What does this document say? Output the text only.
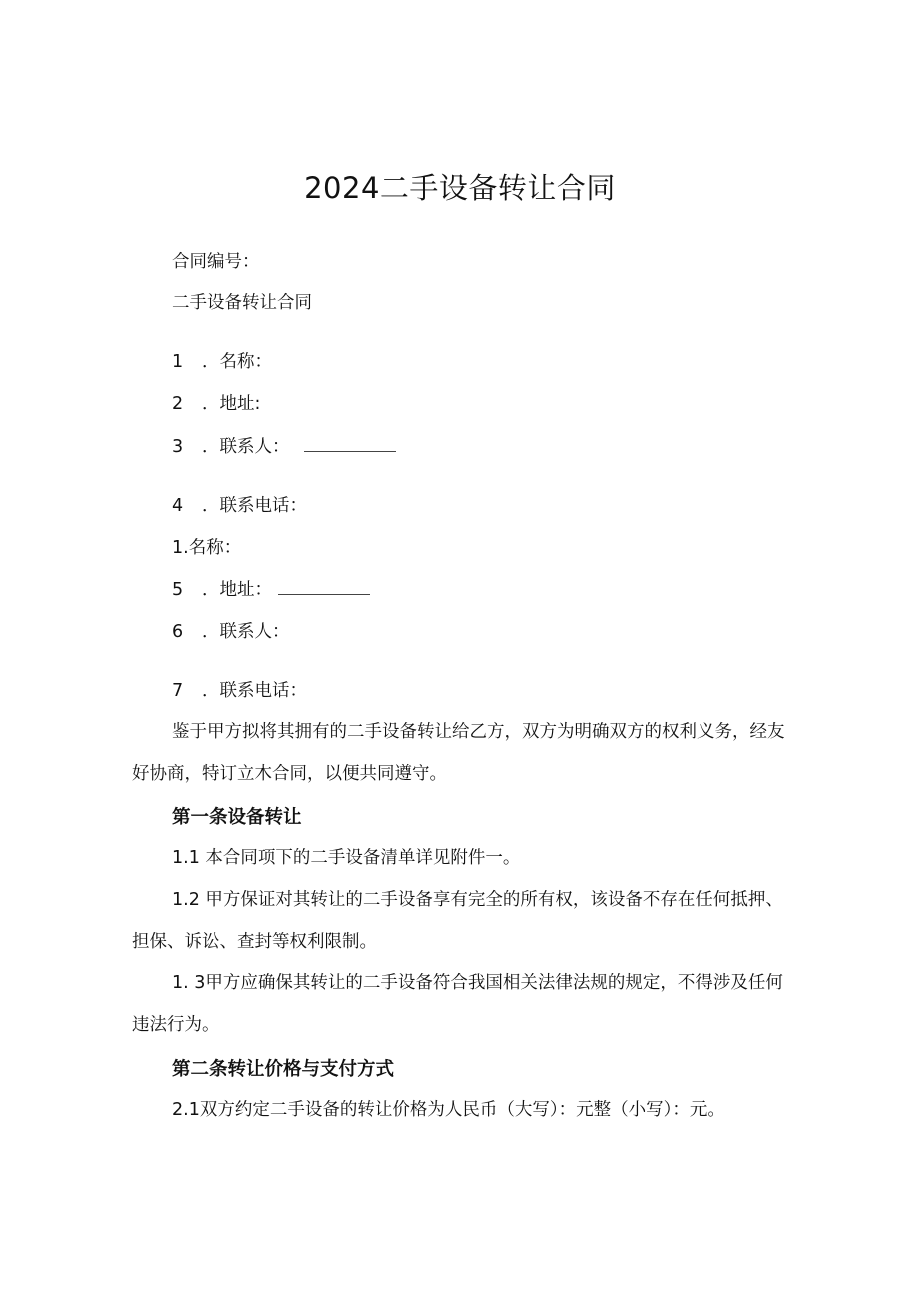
2024二手设备转让合同

合同编号：

二手设备转让合同

1 ．名称：

2 ．地址:

3 ．联系人：

4 ．联系电话：

1.名称：

5 ．地址：

6 ．联系人：

7 ．联系电话：

鉴于甲方拟将其拥有的二手设备转让给乙方，双方为明确双方的权利义务，经友好协商，特订立木合同，以便共同遵守。

第一条设备转让

1.1 本合同项下的二手设备清单详见附件一。

1.2 甲方保证对其转让的二手设备享有完全的所有权，该设备不存在任何抵押、担保、诉讼、查封等权利限制。

1. 3甲方应确保其转让的二手设备符合我国相关法律法规的规定，不得涉及任何违法行为。

第二条转让价格与支付方式

2.1双方约定二手设备的转让价格为人民币（大写）：元整（小写）：元。
